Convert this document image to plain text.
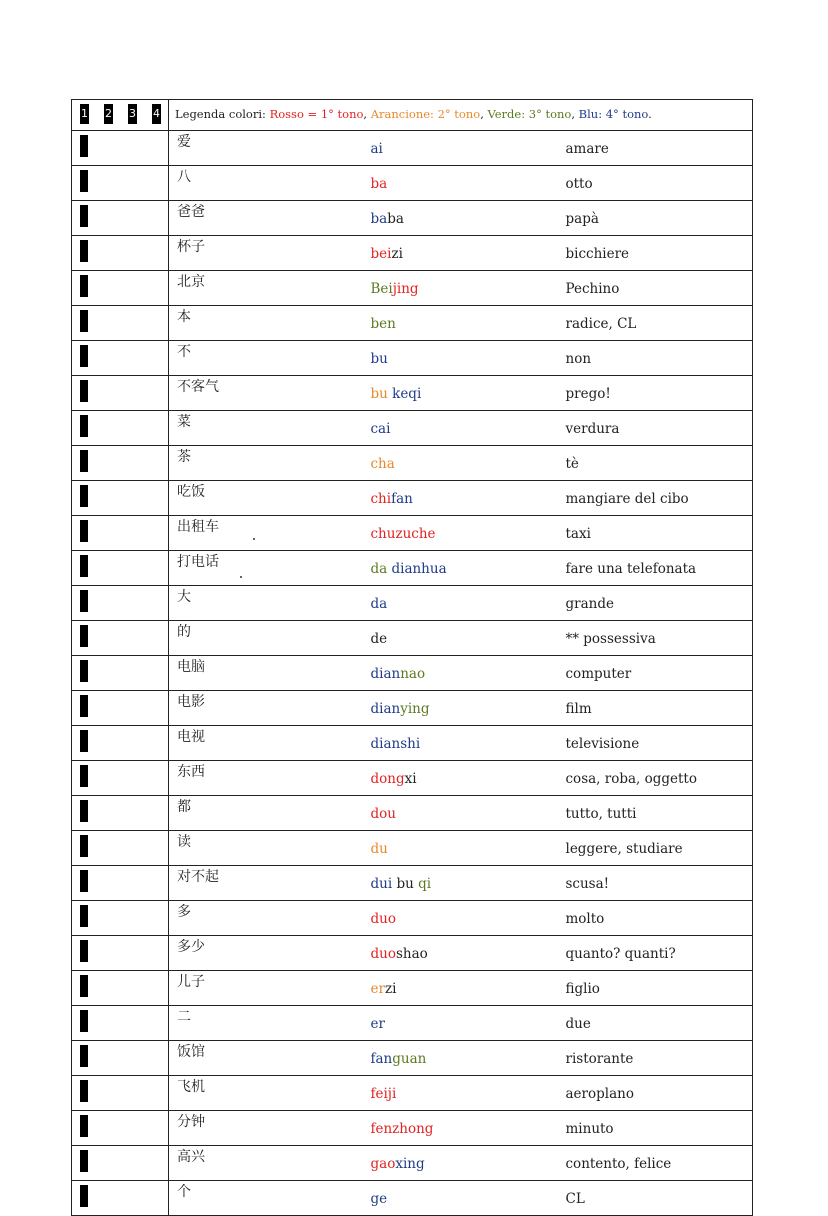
1 2 3 4	Legenda colori: Rosso = 1° tono, Arancione: 2° tono, Verde: 3° tono, Blu: 4° tono.		

	爱	ai	amare

	八	ba	otto

	爸爸	baba	papà

	杯子	beizi	bicchiere

	北京	Beijing	Pechino

	本	ben	radice, CL

	不	bu	non

	不客气	bu keqi	prego!

	菜	cai	verdura

	茶	cha	tè

	吃饭	chifan	mangiare del cibo

	出租车	chuzuche	taxi

	打电话	da dianhua	fare una telefonata

	大	da	grande

	的	de	** possessiva

	电脑	diannao	computer

	电影	dianying	film

	电视	dianshi	televisione

	东西	dongxi	cosa, roba, oggetto

	都	dou	tutto, tutti

	读	du	leggere, studiare

	对不起	dui bu qi	scusa!

	多	duo	molto

	多少	duoshao	quanto? quanti?

	儿子	erzi	figlio

	二	er	due

	饭馆	fanguan	ristorante

	飞机	feiji	aeroplano

	分钟	fenzhong	minuto

	高兴	gaoxing	contento, felice

	个	ge	CL
